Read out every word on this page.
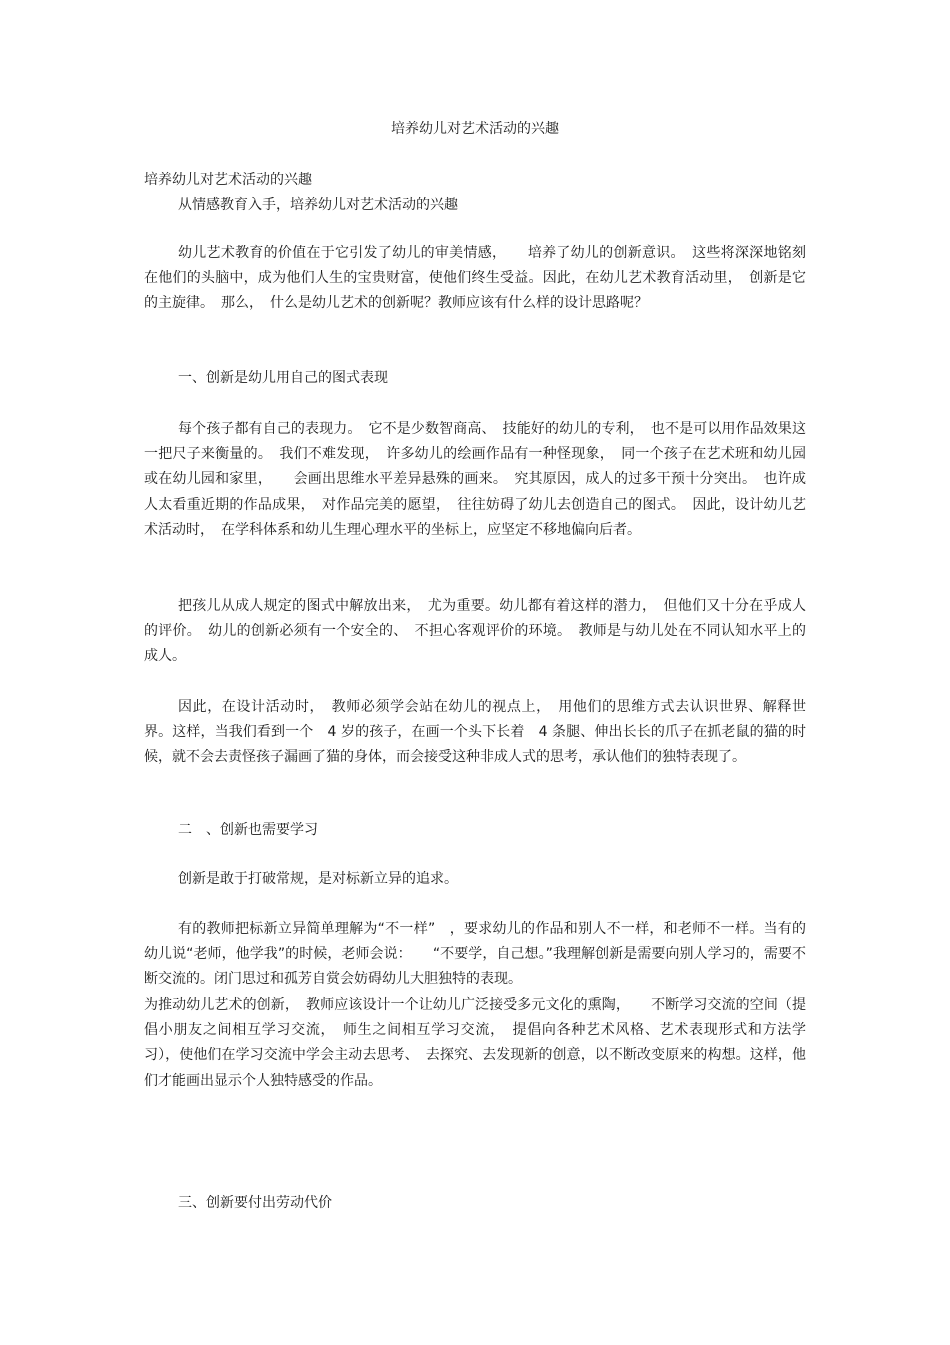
培养幼儿对艺术活动的兴趣
培养幼儿对艺术活动的兴趣

从情感教育入手，培养幼儿对艺术活动的兴趣

幼儿艺术教育的价值在于它引发了幼儿的审美情感，　　培养了幼儿的创新意识。　这些将深深地铭刻在他们的头脑中，成为他们人生的宝贵财富，使他们终生受益。因此，在幼儿艺术教育活动里，　创新是它的主旋律。　那么，　什么是幼儿艺术的创新呢？教师应该有什么样的设计思路呢？

一、创新是幼儿用自己的图式表现

每个孩子都有自己的表现力。　它不是少数智商高、　技能好的幼儿的专利，　也不是可以用作品效果这一把尺子来衡量的。　我们不难发现，　许多幼儿的绘画作品有一种怪现象，　同一个孩子在艺术班和幼儿园或在幼儿园和家里，　　会画出思维水平差异悬殊的画来。　究其原因，成人的过多干预十分突出。　也许成人太看重近期的作品成果，　对作品完美的愿望，　往往妨碍了幼儿去创造自己的图式。　因此，设计幼儿艺术活动时，　在学科体系和幼儿生理心理水平的坐标上，应坚定不移地偏向后者。

把孩儿从成人规定的图式中解放出来，　尤为重要。幼儿都有着这样的潜力，　但他们又十分在乎成人的评价。　幼儿的创新必须有一个安全的、　不担心客观评价的环境。　教师是与幼儿处在不同认知水平上的成人。

因此，在设计活动时，　教师必须学会站在幼儿的视点上，　用他们的思维方式去认识世界、解释世界。这样，当我们看到一个　4 岁的孩子，在画一个头下长着　4 条腿、伸出长长的爪子在抓老鼠的猫的时候，就不会去责怪孩子漏画了猫的身体，而会接受这种非成人式的思考，承认他们的独特表现了。

二　、创新也需要学习

创新是敢于打破常规，是对标新立异的追求。

有的教师把标新立异简单理解为“不一样”　，要求幼儿的作品和别人不一样，和老师不一样。当有的幼儿说“老师，他学我”的时候，老师会说：　　“不要学，自己想。”我理解创新是需要向别人学习的，需要不断交流的。闭门思过和孤芳自赏会妨碍幼儿大胆独特的表现。

为推动幼儿艺术的创新，　教师应该设计一个让幼儿广泛接受多元文化的熏陶，　　不断学习交流的空间（提倡小朋友之间相互学习交流，　师生之间相互学习交流，　提倡向各种艺术风格、艺术表现形式和方法学习），使他们在学习交流中学会主动去思考、　去探究、去发现新的创意，以不断改变原来的构想。这样，他们才能画出显示个人独特感受的作品。

三、创新要付出劳动代价
